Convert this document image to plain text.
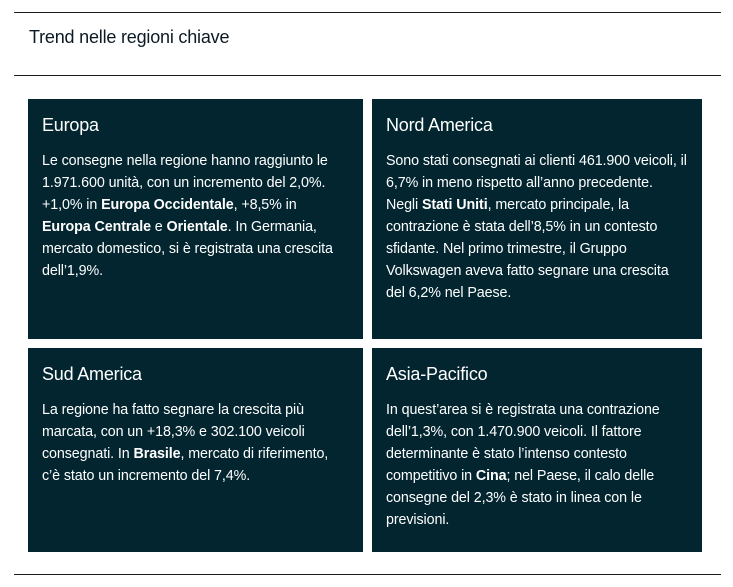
Trend nelle regioni chiave
Europa

Le consegne nella regione hanno raggiunto le 1.971.600 unità, con un incremento del 2,0%. +1,0% in Europa Occidentale, +8,5% in Europa Centrale e Orientale. In Germania, mercato domestico, si è registrata una crescita dell’1,9%.

Nord America

Sono stati consegnati ai clienti 461.900 veicoli, il 6,7% in meno rispetto all’anno precedente. Negli Stati Uniti, mercato principale, la contrazione è stata dell’8,5% in un contesto sfidante. Nel primo trimestre, il Gruppo Volkswagen aveva fatto segnare una crescita del 6,2% nel Paese.

Sud America

La regione ha fatto segnare la crescita più marcata, con un +18,3% e 302.100 veicoli consegnati. In Brasile, mercato di riferimento, c’è stato un incremento del 7,4%.

Asia-Pacifico

In quest’area si è registrata una contrazione dell’1,3%, con 1.470.900 veicoli. Il fattore determinante è stato l’intenso contesto competitivo in Cina; nel Paese, il calo delle consegne del 2,3% è stato in linea con le previsioni.
